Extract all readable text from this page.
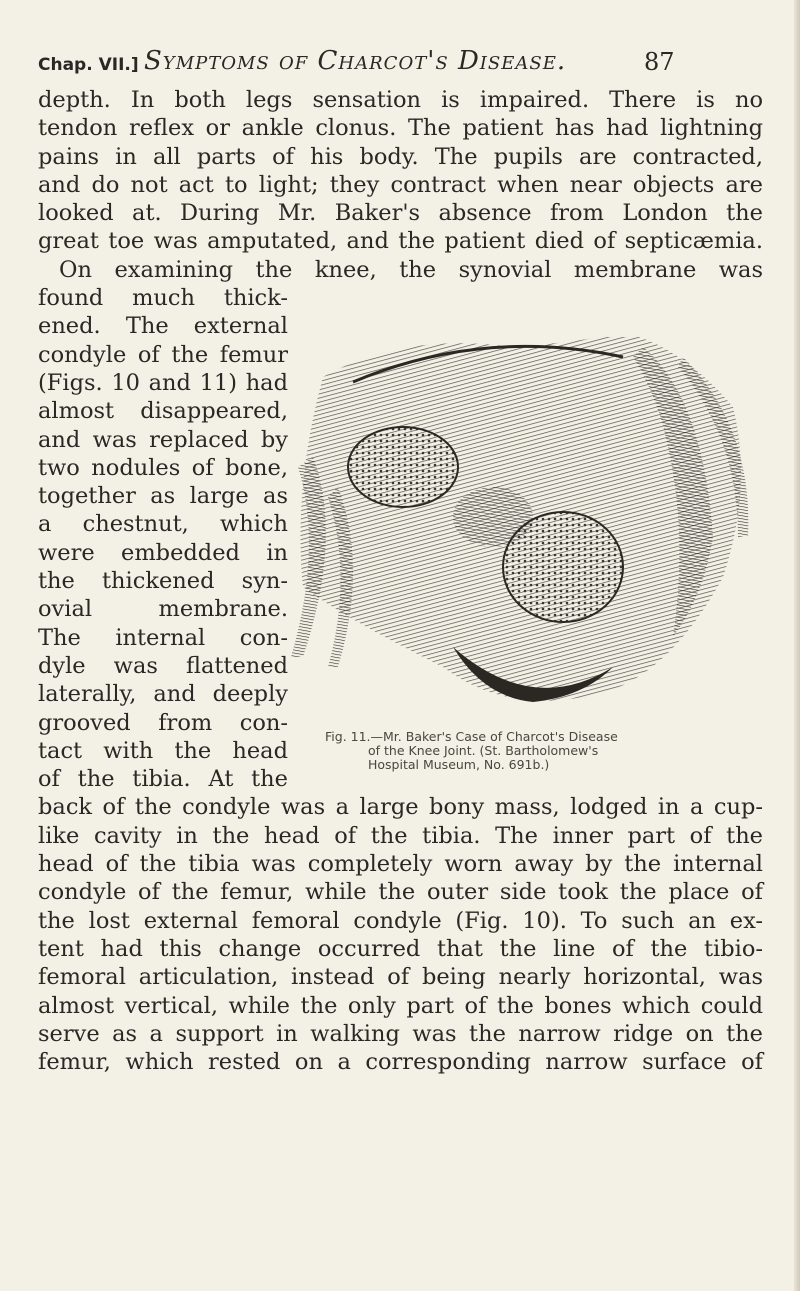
Chap. VII.] Symptoms of Charcot's Disease.	87
depth. In both legs sensation is impaired. There is no
tendon reflex or ankle clonus. The patient has had lightning
pains in all parts of his body. The pupils are contracted,
and do not act to light; they contract when near objects are
looked at. During Mr. Baker's absence from London the
great toe was amputated, and the patient died of septicæmia.
On examining the knee, the synovial membrane was
found much thick-
ened. The external
condyle of the femur
(Figs. 10 and 11) had
almost disappeared,
and was replaced by
two nodules of bone,
together as large as
a chestnut, which
were embedded in
the thickened syn-
ovial membrane.
The internal con-
dyle was flattened
laterally, and deeply
grooved from con-
tact with the head
of the tibia. At the
back of the condyle was a large bony mass, lodged in a cup-
like cavity in the head of the tibia. The inner part of the
head of the tibia was completely worn away by the internal
condyle of the femur, while the outer side took the place of
the lost external femoral condyle (Fig. 10). To such an ex-
tent had this change occurred that the line of the tibio-
femoral articulation, instead of being nearly horizontal, was
almost vertical, while the only part of the bones which could
serve as a support in walking was the narrow ridge on the
femur, which rested on a corresponding narrow surface of
Fig. 11.—Mr. Baker's Case of Charcot's Disease
of the Knee Joint. (St. Bartholomew's
Hospital Museum, No. 691b.)
